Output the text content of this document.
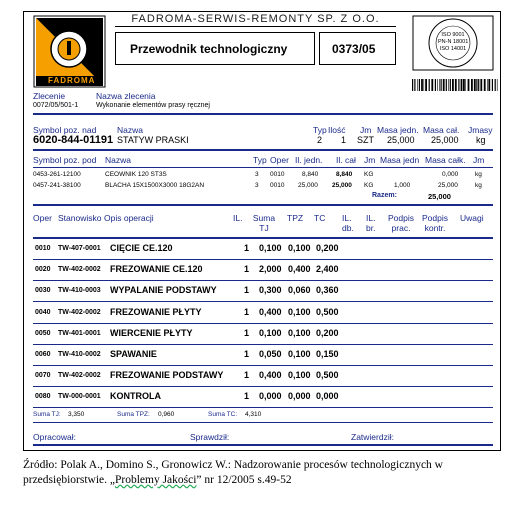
FADROMA
FADROMA-SERWIS-REMONTY SP. Z O.O.
Przewodnik technologiczny	0373/05
ISO 9001
PN-N 18001
ISO 14001
Zlecenie	Nazwa zlecenia
0072/05/501-1	Wykonanie elementów prasy ręcznej
Symbol poz. nad Nazwa	Typ Ilość Jm Masa jedn. Masa cał. Jmasy
6020-844-01191 STATYW PRASKI	2 1 SZT 25,000 25,000 kg
Symbol poz. pod Nazwa	Typ Oper Il. jedn. Il. cał Jm Masa jedn Masa całk. Jm
0453-261-12100	CEOWNIK 120 ST3S	3 0010	8,840	8,840 KG	0,000	kg
0457-241-38100	BLACHA 15X1500X3000 18G2AN	3 0010 25,000 25,000 KG	1,000	25,000	kg
Razem:	25,000
Oper Stanowisko Opis operacji	IL. Suma TJ
TPZ TC IL. db.
IL. br.
Podpis prac.
Podpis kontr.
Uwagi
0010 TW-407-0001 CIĘCIE CE.120	1 0,100 0,100 0,200
0020 TW-402-0002 FREZOWANIE CE.120	1 2,000 0,400 2,400
0030 TW-410-0003 WYPALANIE PODSTAWY	1 0,300 0,060 0,360
0040 TW-402-0002 FREZOWANIE PŁYTY	1 0,400 0,100 0,500
0050 TW-401-0001 WIERCENIE PŁYTY	1 0,100 0,100 0,200
0060 TW-410-0002 SPAWANIE	1 0,050 0,100 0,150
0070 TW-402-0002 FREZOWANIE PODSTAWY 1 0,400 0,100 0,500
0080 TW-000-0001 KONTROLA	1 0,000 0,000 0,000
Suma TJ: 3,350	Suma TPZ: 0,960	Suma TC: 4,310
Opracował:	Sprawdził:	Zatwierdził:
Źródło: Polak A., Domino S., Gronowicz W.: Nadzorowanie procesów technologicznych w
przedsiębiorstwie. „Problemy Jakości” nr 12/2005 s.49-52
